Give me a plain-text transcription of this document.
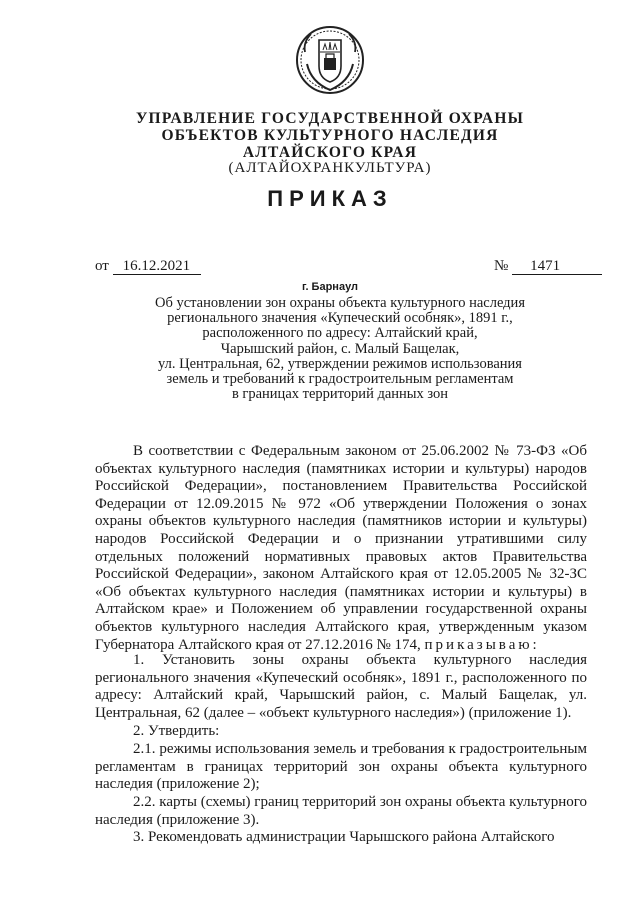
УПРАВЛЕНИЕ ГОСУДАРСТВЕННОЙ ОХРАНЫ
ОБЪЕКТОВ КУЛЬТУРНОГО НАСЛЕДИЯ
АЛТАЙСКОГО КРАЯ
(АЛТАЙОХРАНКУЛЬТУРА)
ПРИКАЗ
от 16.12.2021	№ 1471
г. Барнаул
Об установлении зон охраны объекта культурного наследия
регионального значения «Купеческий особняк», 1891 г.,
расположенного по адресу: Алтайский край,
Чарышский район, с. Малый Бащелак,
ул. Центральная, 62, утверждении режимов использования
земель и требований к градостроительным регламентам
в границах территорий данных зон

В соответствии с Федеральным законом от 25.06.2002 № 73-ФЗ «Об объектах культурного наследия (памятниках истории и культуры) народов Российской Федерации», постановлением Правительства Российской Федерации от 12.09.2015 № 972 «Об утверждении Положения о зонах охраны объектов культурного наследия (памятников истории и культуры) народов Российской Федерации и о признании утратившими силу отдельных положений нормативных правовых актов Правительства Российской Федерации», законом Алтайского края от 12.05.2005 № 32-ЗС «Об объектах культурного наследия (памятниках истории и культуры) в Алтайском крае» и Положением об управлении государственной охраны объектов культурного наследия Алтайского края, утвержденным указом Губернатора Алтайского края от 27.12.2016 № 174, приказываю:

1. Установить зоны охраны объекта культурного наследия регионального значения «Купеческий особняк», 1891 г., расположенного по адресу: Алтайский край, Чарышский район, с. Малый Бащелак, ул. Центральная, 62 (далее – «объект культурного наследия») (приложение 1).

2. Утвердить:

2.1. режимы использования земель и требования к градостроительным регламентам в границах территорий зон охраны объекта культурного наследия (приложение 2);

2.2. карты (схемы) границ территорий зон охраны объекта культурного наследия (приложение 3).

3. Рекомендовать администрации Чарышского района Алтайского
